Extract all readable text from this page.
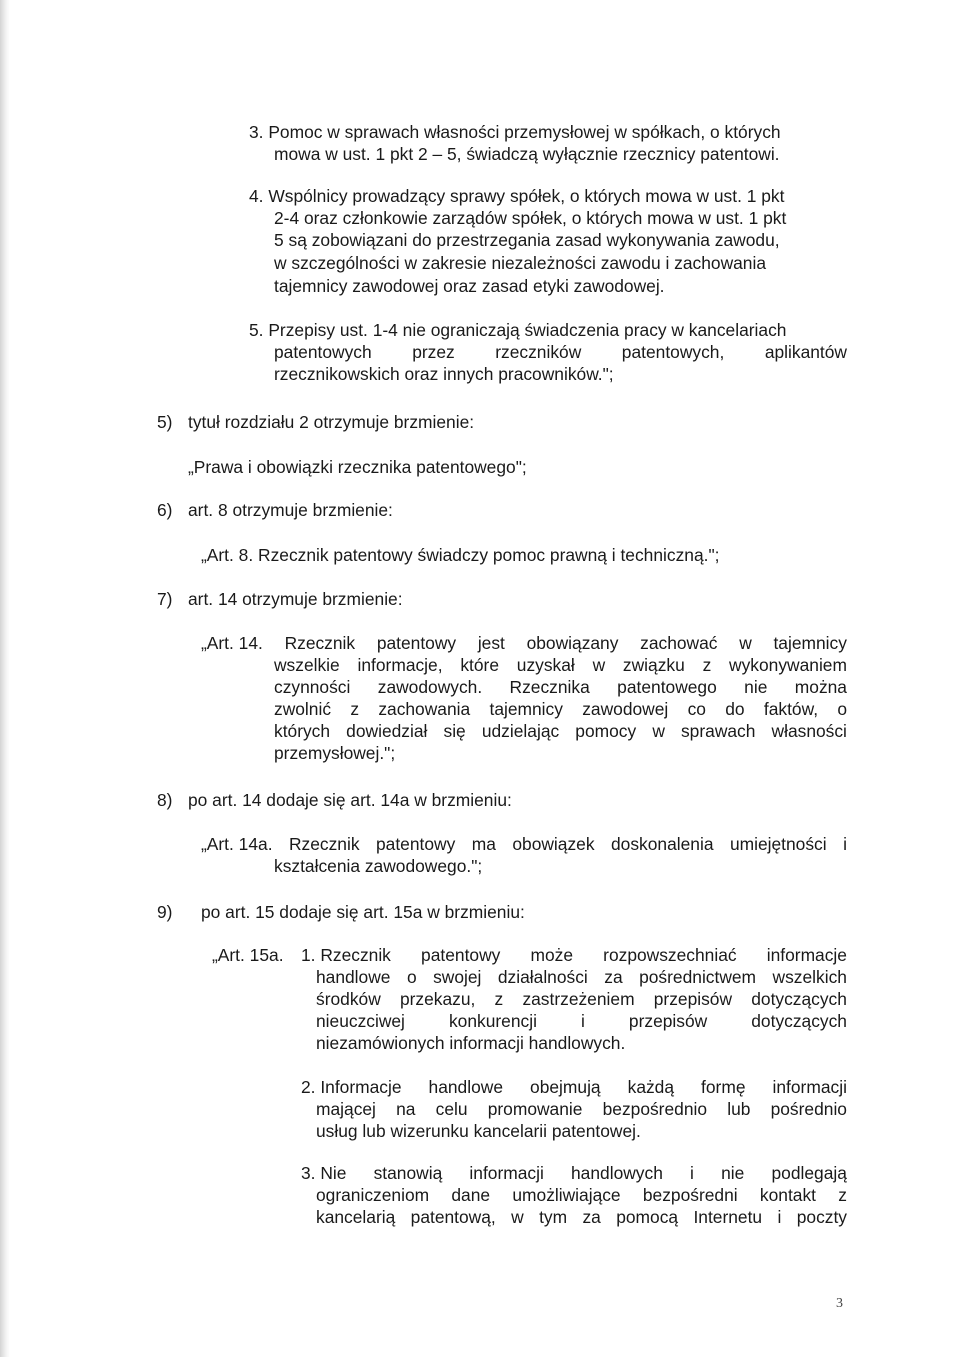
3. Pomoc w sprawach własności przemysłowej w spółkach, o których
mowa w ust. 1 pkt 2 – 5, świadczą wyłącznie rzecznicy patentowi.
4. Wspólnicy prowadzący sprawy spółek, o których mowa w ust. 1 pkt
2-4 oraz członkowie zarządów spółek, o których mowa w ust. 1 pkt
5 są zobowiązani do przestrzegania zasad wykonywania zawodu,
w szczególności w zakresie niezależności zawodu i zachowania
tajemnicy zawodowej oraz zasad etyki zawodowej.
5. Przepisy ust. 1-4 nie ograniczają świadczenia pracy w kancelariach
patentowych przez rzeczników patentowych, aplikantów
rzecznikowskich oraz innych pracowników.";
5) tytuł rozdziału 2 otrzymuje brzmienie:
„Prawa i obowiązki rzecznika patentowego";
6) art. 8 otrzymuje brzmienie:
„Art. 8. Rzecznik patentowy świadczy pomoc prawną i techniczną.";
7) art. 14 otrzymuje brzmienie:
„Art. 14. Rzecznik patentowy jest obowiązany zachować w tajemnicy
wszelkie informacje, które uzyskał w związku z wykonywaniem
czynności zawodowych. Rzecznika patentowego nie można
zwolnić z zachowania tajemnicy zawodowej co do faktów, o
których dowiedział się udzielając pomocy w sprawach własności
przemysłowej.";
8) po art. 14 dodaje się art. 14a w brzmieniu:
„Art. 14a. Rzecznik patentowy ma obowiązek doskonalenia umiejętności i
kształcenia zawodowego.";
9) po art. 15 dodaje się art. 15a w brzmieniu:
„Art. 15a. 1. Rzecznik patentowy może rozpowszechniać informacje
handlowe o swojej działalności za pośrednictwem wszelkich
środków przekazu, z zastrzeżeniem przepisów dotyczących
nieuczciwej	konkurencji	i	przepisów	dotyczących
niezamówionych informacji handlowych.
2. Informacje handlowe obejmują każdą formę informacji
mającej na celu promowanie bezpośrednio lub pośrednio
usług lub wizerunku kancelarii patentowej.
3. Nie stanowią informacji handlowych i nie podlegają
ograniczeniom dane umożliwiające bezpośredni kontakt z
kancelarią patentową, w tym za pomocą Internetu i poczty
3
